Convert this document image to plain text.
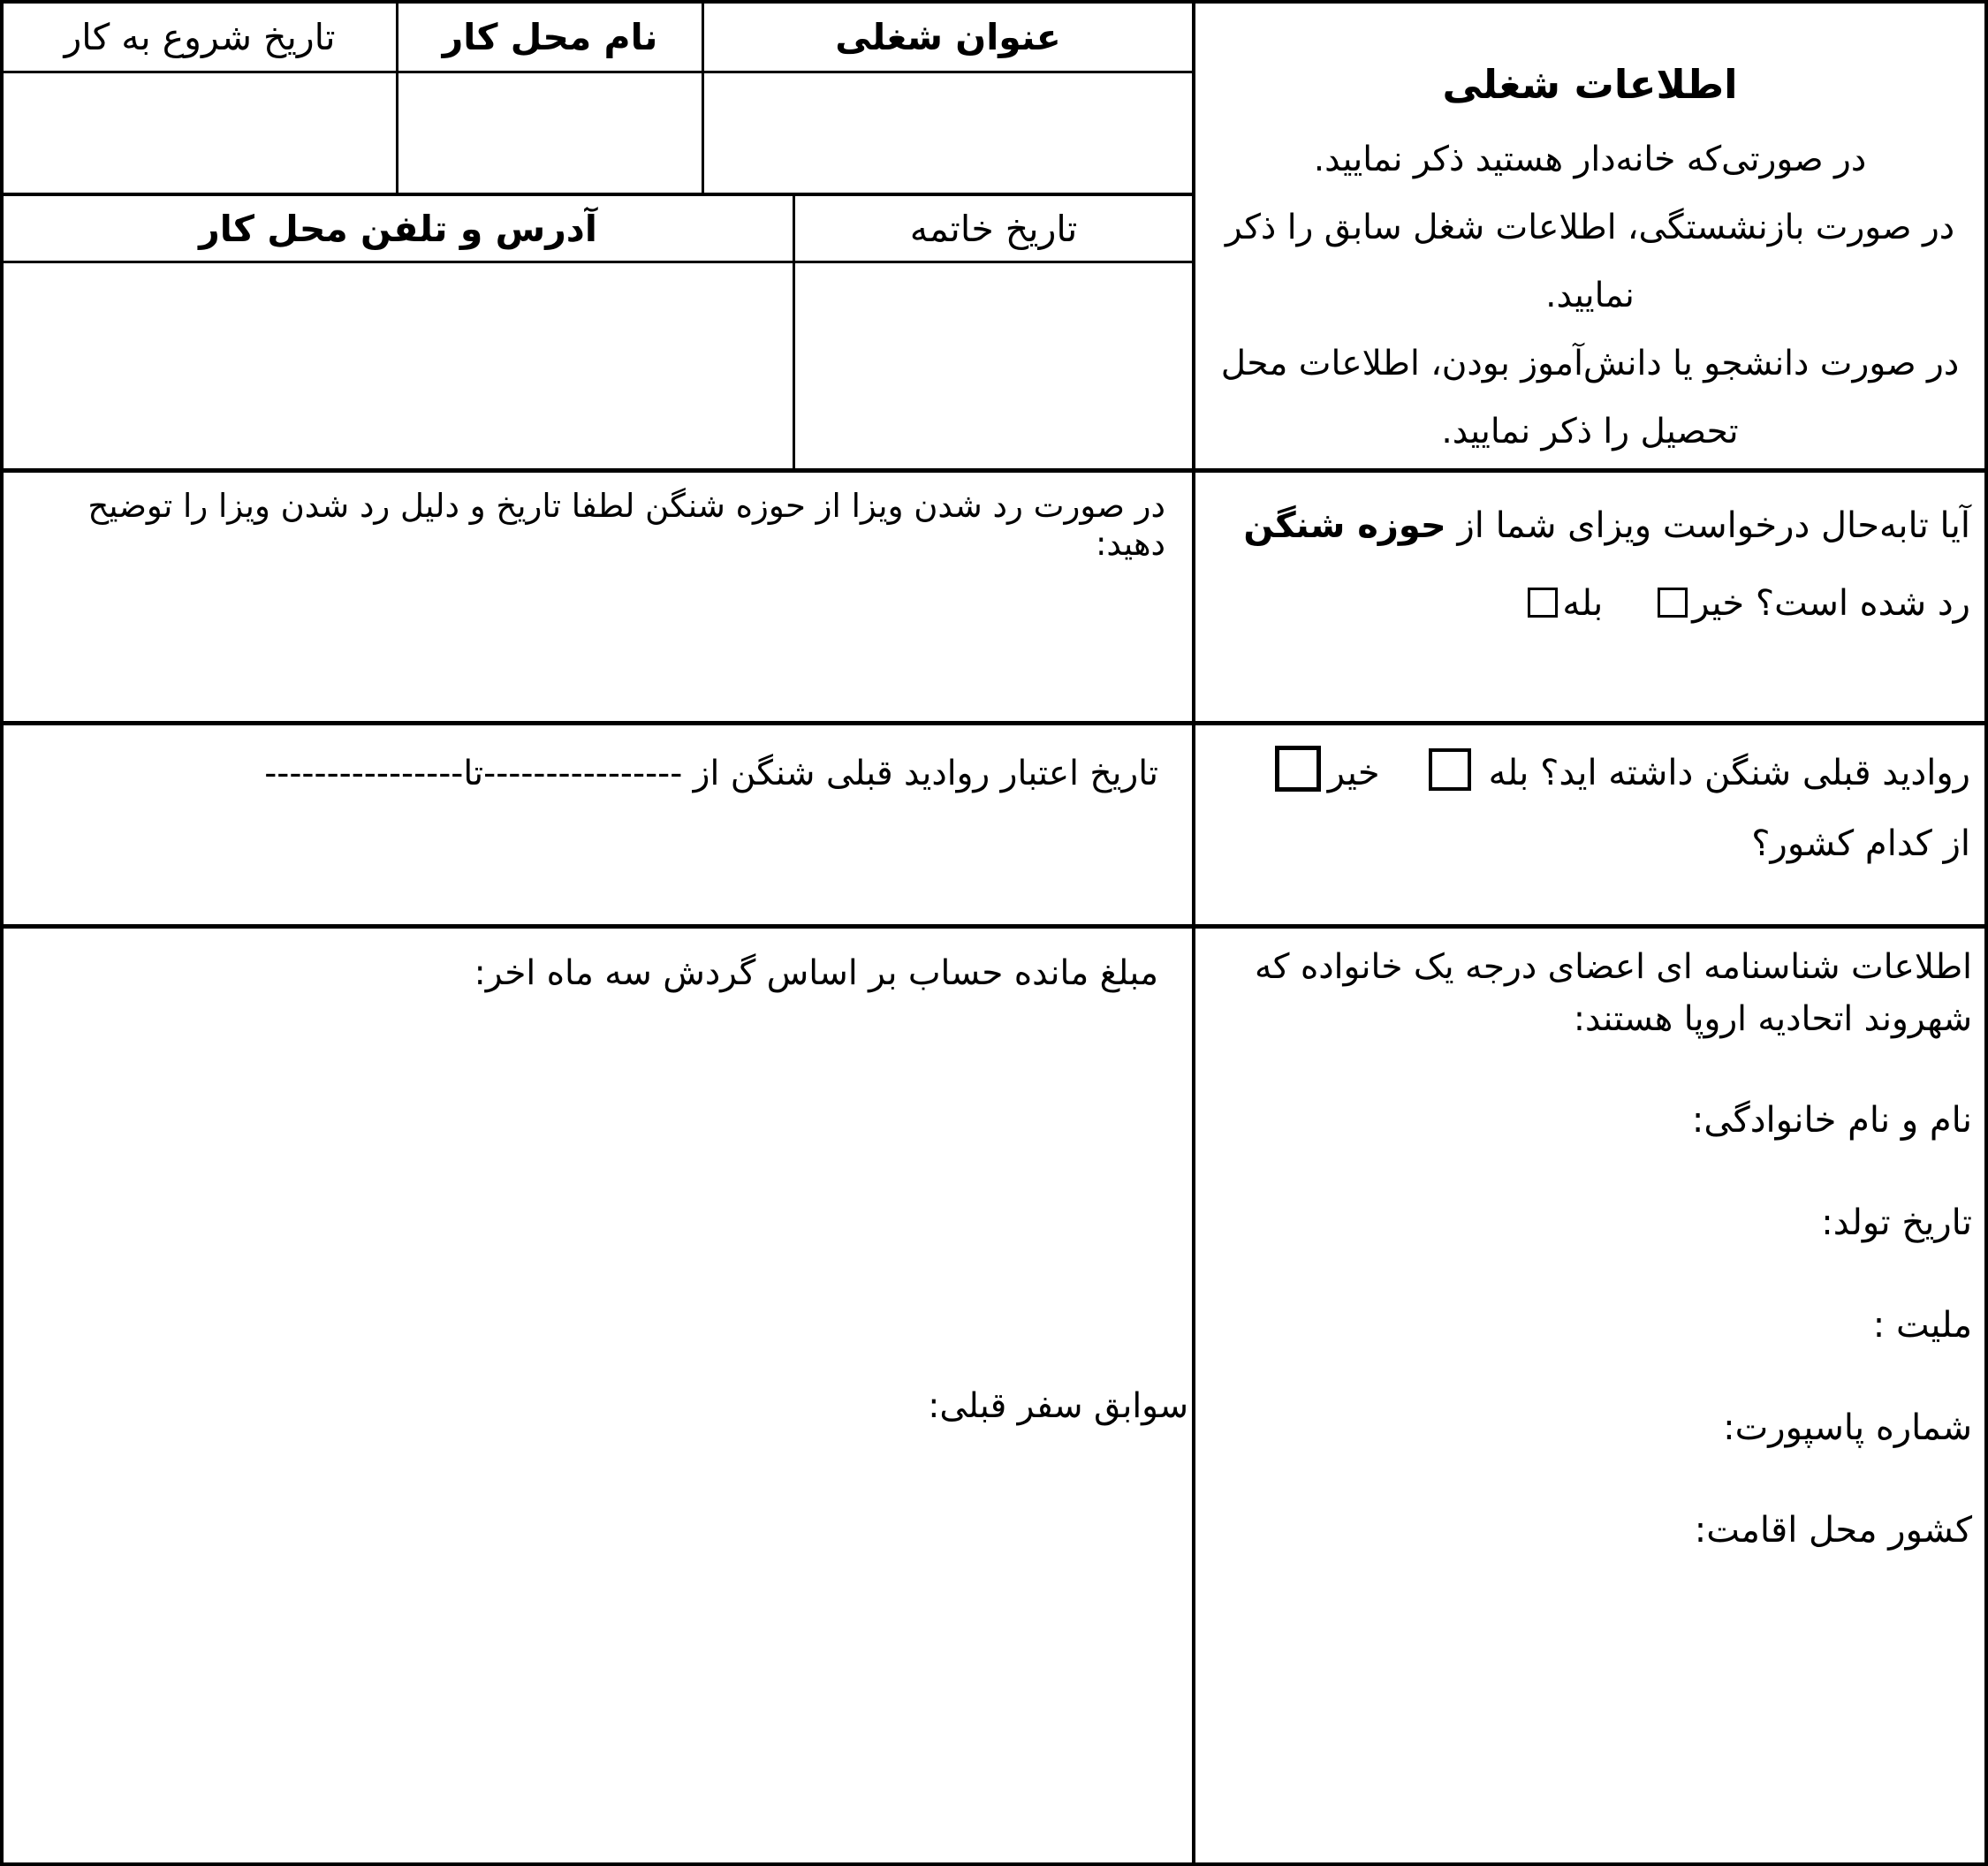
تاریخ شروع به کار	نام محل کار	عنوان شغلی
آدرس و تلفن محل کار	تاریخ خاتمه
اطلاعات شغلی
در صورتی‌که خانه‌دار هستید ذکر نمایید.
در صورت بازنشستگی، اطلاعات شغل سابق را ذکر نمایید.
در صورت دانشجو یا دانش‌آموز بودن، اطلاعات محل تحصیل را ذکر نمایید.
آیا تابه‌حال درخواست ویزای شما از حوزه شنگن رد شده است؟ خیربله
در صورت رد شدن ویزا از حوزه شنگن لطفا تاریخ و دلیل رد شدن ویزا را توضیح دهید:
روادید قبلی شنگن داشته اید؟ بلهخیر
از کدام کشور؟
تاریخ اعتبار روادید قبلی شنگن از ----------------تا----------------
مبلغ مانده حساب بر اساس گردش سه ماه اخر:
سوابق سفر قبلی:
اطلاعات شناسنامه ای اعضای درجه یک خانواده که شهروند اتحادیه اروپا هستند:
نام و نام خانوادگی:
تاریخ تولد:
ملیت :
شماره پاسپورت:
کشور محل اقامت:
